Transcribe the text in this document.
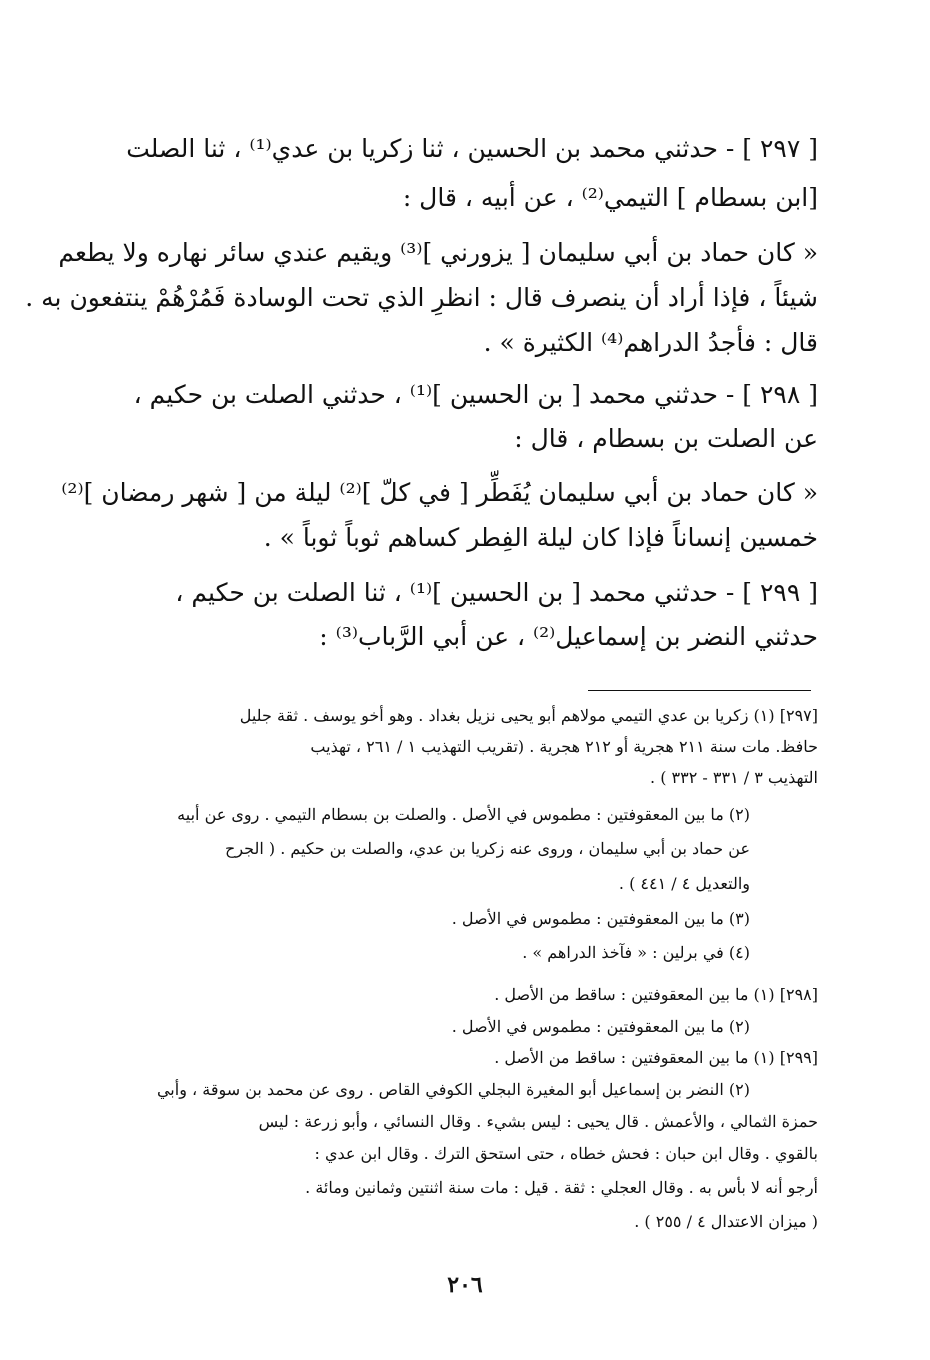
[ ٢٩٧ ] - حدثني محمد بن الحسين ، ثنا زكريا بن عدي⁽¹⁾ ، ثنا الصلت
[ابن بسطام ] التيمي⁽²⁾ ، عن أبيه ، قال :
« كان حماد بن أبي سليمان [ يزورني ]⁽³⁾ ويقيم عندي سائر نهاره ولا يطعم
شيئاً ، فإذا أراد أن ينصرف قال : انظرِ الذي تحت الوسادة فَمُرْهُمْ ينتفعون به .
قال : فأجدُ الدراهم⁽⁴⁾ الكثيرة » .
[ ٢٩٨ ] - حدثني محمد [ بن الحسين ]⁽¹⁾ ، حدثني الصلت بن حكيم ،
عن الصلت بن بسطام ، قال :
« كان حماد بن أبي سليمان يُفَطِّر [ في كلّ ]⁽²⁾ ليلة من [ شهر رمضان ]⁽²⁾
خمسين إنساناً فإذا كان ليلة الفِطر كساهم ثوباً ثوباً » .
[ ٢٩٩ ] - حدثني محمد [ بن الحسين ]⁽¹⁾ ، ثنا الصلت بن حكيم ،
حدثني النضر بن إسماعيل⁽²⁾ ، عن أبي الرَّباب⁽³⁾ :
[٢٩٧] (١) زكريا بن عدي التيمي مولاهم أبو يحيى نزيل بغداد . وهو أخو يوسف . ثقة جليل
حافظ. مات سنة ٢١١ هجرية أو ٢١٢ هجرية . (تقريب التهذيب ١ / ٢٦١ ، تهذيب
التهذيب ٣ / ٣٣١ - ٣٣٢ ) .
(٢) ما بين المعقوفتين : مطموس في الأصل . والصلت بن بسطام التيمي . روى عن أبيه
عن حماد بن أبي سليمان ، وروى عنه زكريا بن عدي، والصلت بن حكيم . ( الجرح
والتعديل ٤ / ٤٤١ ) .
(٣) ما بين المعقوفتين : مطموس في الأصل .
(٤) في برلين : « فآخذ الدراهم » .
[٢٩٨] (١) ما بين المعقوفتين : ساقط من الأصل .
(٢) ما بين المعقوفتين : مطموس في الأصل .
[٢٩٩] (١) ما بين المعقوفتين : ساقط من الأصل .
(٢) النضر بن إسماعيل أبو المغيرة البجلي الكوفي القاص . روى عن محمد بن سوقة ، وأبي
حمزة الثمالي ، والأعمش . قال يحيى : ليس بشيء . وقال النسائي ، وأبو زرعة : ليس
بالقوي . وقال ابن حبان : فحش خطاه ، حتى استحق الترك . وقال ابن عدي :
أرجو أنه لا بأس به . وقال العجلي : ثقة . قيل : مات سنة اثنتين وثمانين ومائة .
( ميزان الاعتدال ٤ / ٢٥٥ ) .
٢٠٦
